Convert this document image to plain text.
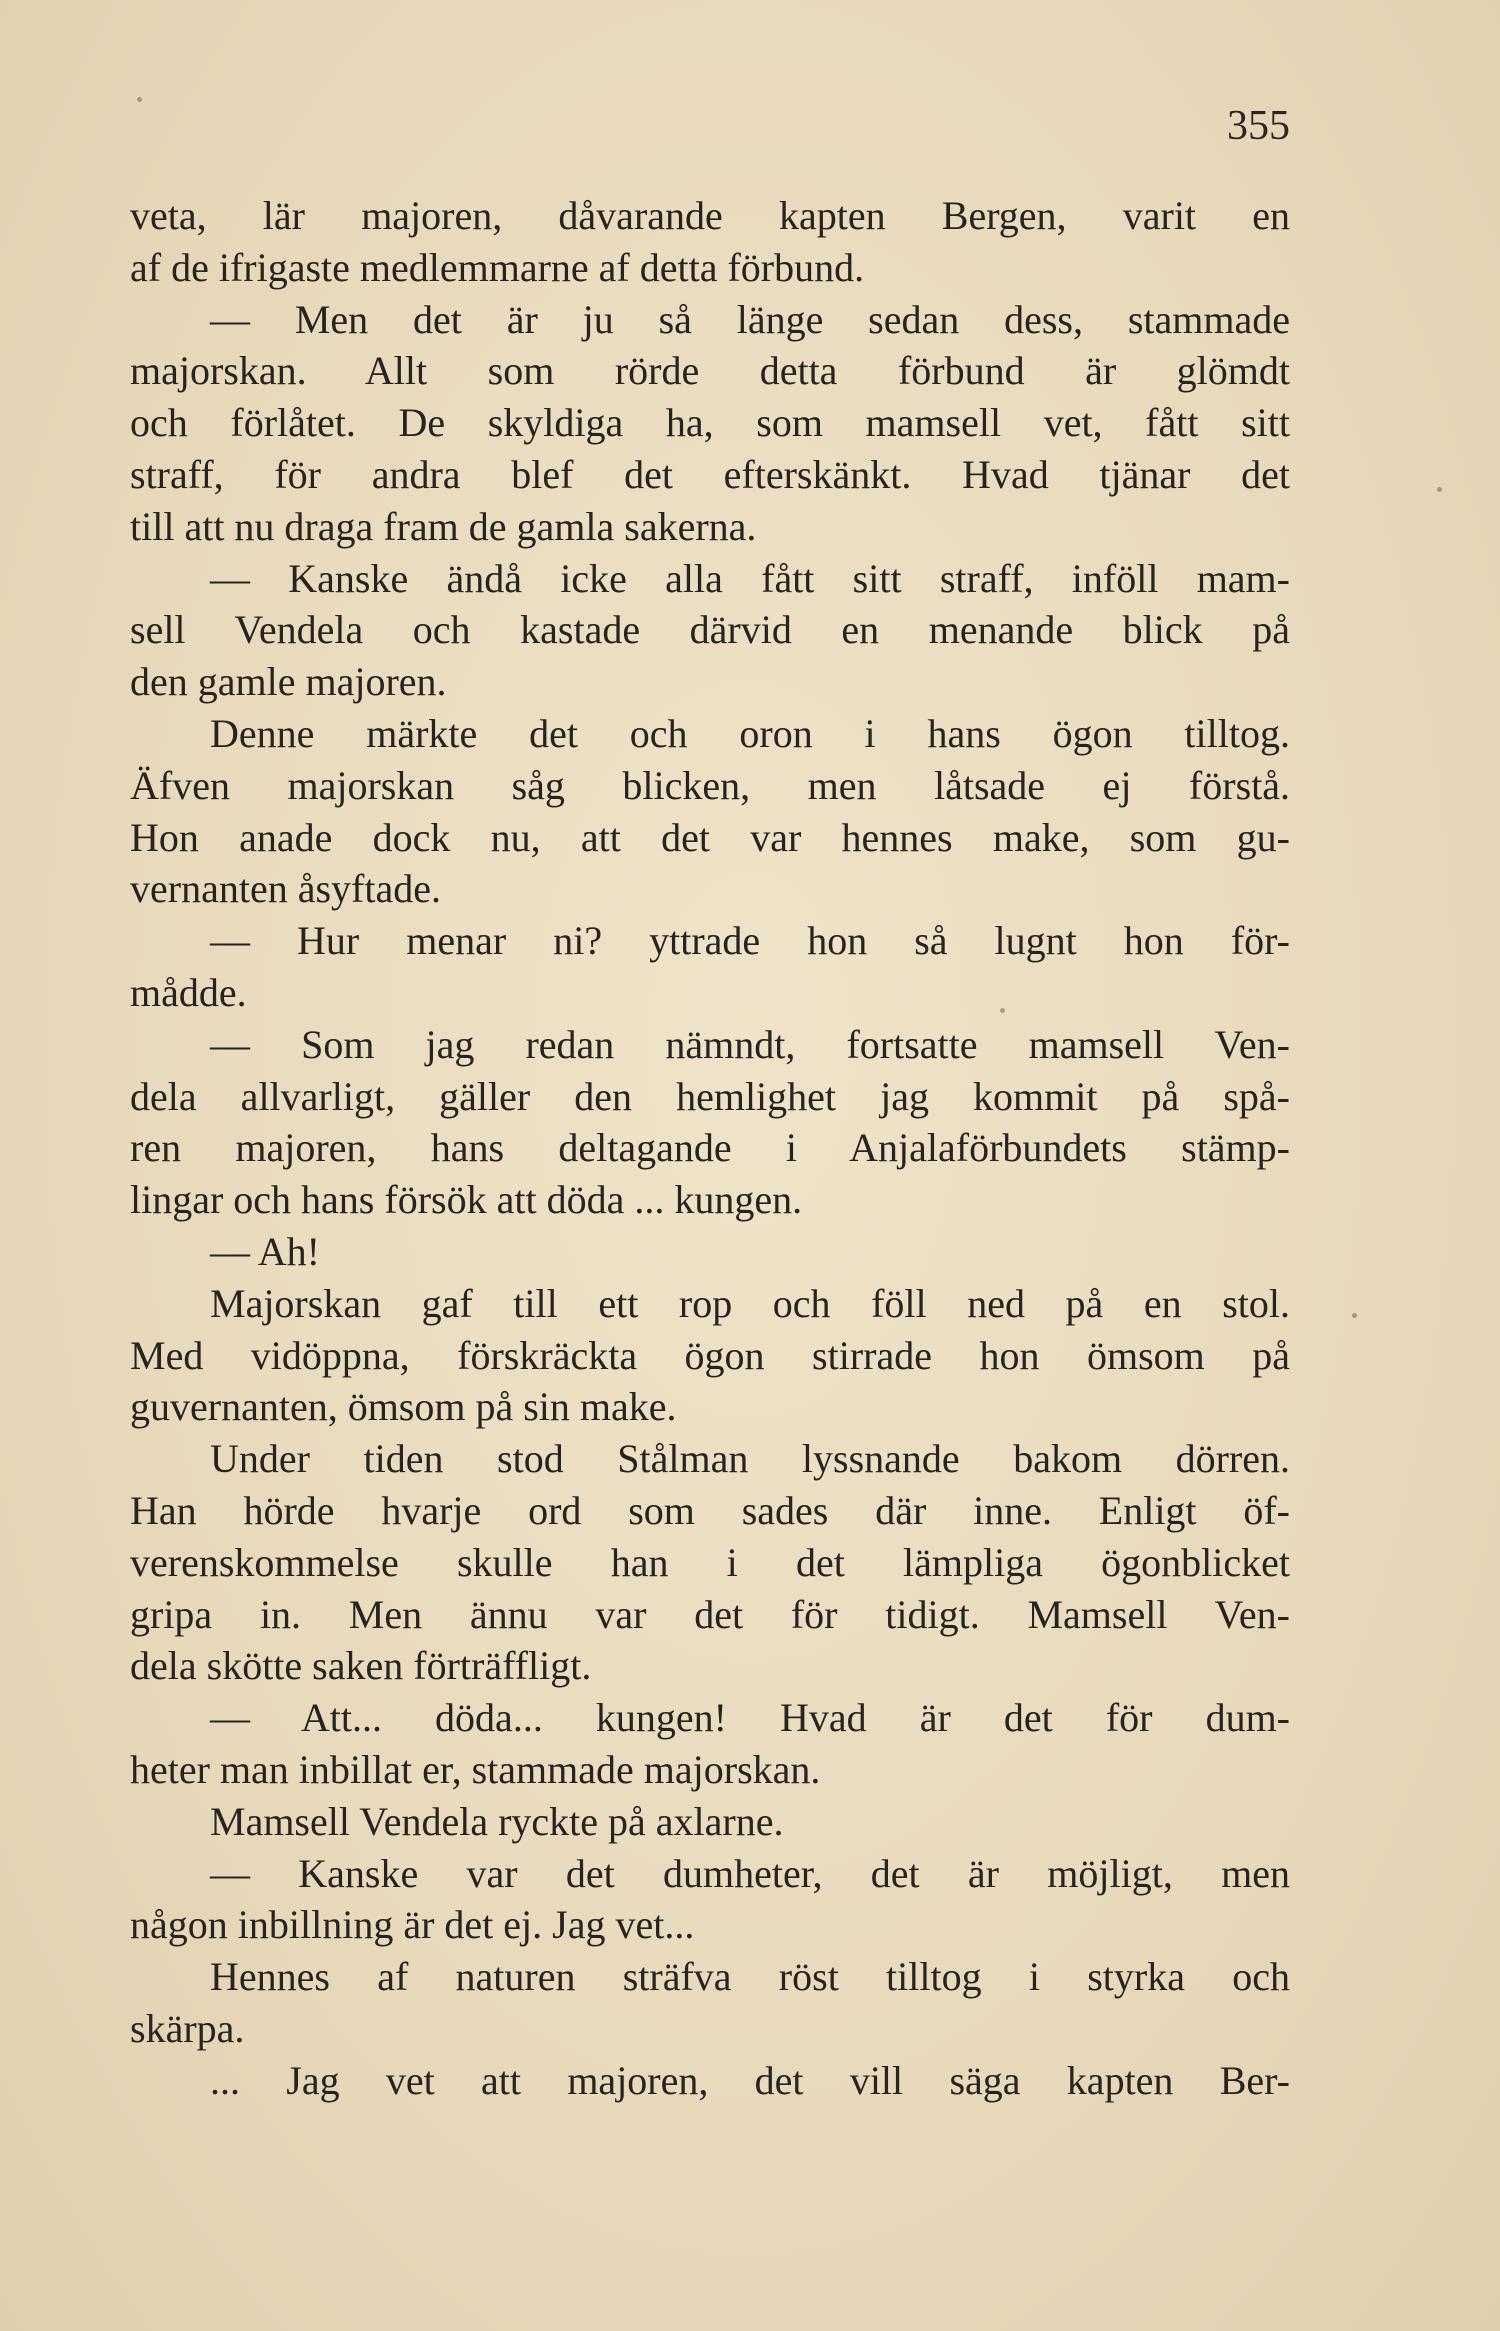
355
veta, lär majoren, dåvarande kapten Bergen, varit en
af de ifrigaste medlemmarne af detta förbund.
— Men det är ju så länge sedan dess, stammade
majorskan. Allt som rörde detta förbund är glömdt
och förlåtet. De skyldiga ha, som mamsell vet, fått sitt
straff, för andra blef det efterskänkt. Hvad tjänar det
till att nu draga fram de gamla sakerna.
— Kanske ändå icke alla fått sitt straff, inföll mam-
sell Vendela och kastade därvid en menande blick på
den gamle majoren.
Denne märkte det och oron i hans ögon tilltog.
Äfven majorskan såg blicken, men låtsade ej förstå.
Hon anade dock nu, att det var hennes make, som gu-
vernanten åsyftade.
— Hur menar ni? yttrade hon så lugnt hon för-
mådde.
— Som jag redan nämndt, fortsatte mamsell Ven-
dela allvarligt, gäller den hemlighet jag kommit på spå-
ren majoren, hans deltagande i Anjalaförbundets stämp-
lingar och hans försök att döda ... kungen.
— Ah!
Majorskan gaf till ett rop och föll ned på en stol.
Med vidöppna, förskräckta ögon stirrade hon ömsom på
guvernanten, ömsom på sin make.
Under tiden stod Stålman lyssnande bakom dörren.
Han hörde hvarje ord som sades där inne. Enligt öf-
verenskommelse skulle han i det lämpliga ögonblicket
gripa in. Men ännu var det för tidigt. Mamsell Ven-
dela skötte saken förträffligt.
— Att... döda... kungen! Hvad är det för dum-
heter man inbillat er, stammade majorskan.
Mamsell Vendela ryckte på axlarne.
— Kanske var det dumheter, det är möjligt, men
någon inbillning är det ej. Jag vet...
Hennes af naturen sträfva röst tilltog i styrka och
skärpa.
... Jag vet att majoren, det vill säga kapten Ber-
